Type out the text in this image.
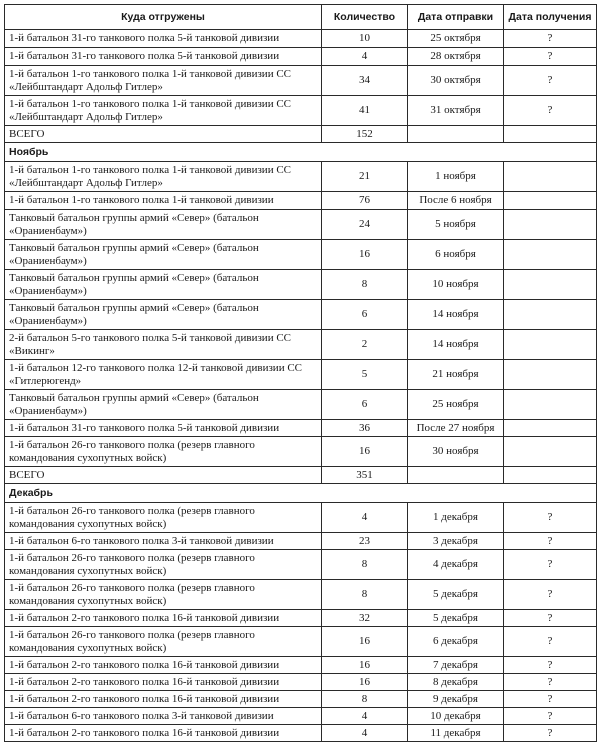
Куда отгружены	Количество	Дата отправки	Дата получения
1-й батальон 31-го танкового полка 5-й танковой дивизии	10	25 октября	?
1-й батальон 31-го танкового полка 5-й танковой дивизии	4	28 октября	?
1-й батальон 1-го танкового полка 1-й танковой дивизии СС «Лейбштандарт Адольф Гитлер»	34	30 октября	?
1-й батальон 1-го танкового полка 1-й танковой дивизии СС «Лейбштандарт Адольф Гитлер»	41	31 октября	?
ВСЕГО	152		
Ноябрь			
1-й батальон 1-го танкового полка 1-й танковой дивизии СС «Лейбштандарт Адольф Гитлер»	21	1 ноября	
1-й батальон 1-го танкового полка 1-й танковой дивизии	76	После 6 ноября	
Танковый батальон группы армий «Север» (батальон «Ораниенбаум»)	24	5 ноября	
Танковый батальон группы армий «Север» (батальон «Ораниенбаум»)	16	6 ноября	
Танковый батальон группы армий «Север» (батальон «Ораниенбаум»)	8	10 ноября	
Танковый батальон группы армий «Север» (батальон «Ораниенбаум»)	6	14 ноября	
2-й батальон 5-го танкового полка 5-й танковой дивизии СС «Викинг»	2	14 ноября	
1-й батальон 12-го танкового полка 12-й танковой дивизии СС «Гитлерюгенд»	5	21 ноября	
Танковый батальон группы армий «Север» (батальон «Ораниенбаум»)	6	25 ноября	
1-й батальон 31-го танкового полка 5-й танковой дивизии	36	После 27 ноября	
1-й батальон 26-го танкового полка (резерв главного командования сухопутных войск)	16	30 ноября	
ВСЕГО	351		
Декабрь			
1-й батальон 26-го танкового полка (резерв главного командования сухопутных войск)	4	1 декабря	?
1-й батальон 6-го танкового полка 3-й танковой дивизии	23	3 декабря	?
1-й батальон 26-го танкового полка (резерв главного командования сухопутных войск)	8	4 декабря	?
1-й батальон 26-го танкового полка (резерв главного командования сухопутных войск)	8	5 декабря	?
1-й батальон 2-го танкового полка 16-й танковой дивизии	32	5 декабря	?
1-й батальон 26-го танкового полка (резерв главного командования сухопутных войск)	16	6 декабря	?
1-й батальон 2-го танкового полка 16-й танковой дивизии	16	7 декабря	?
1-й батальон 2-го танкового полка 16-й танковой дивизии	16	8 декабря	?
1-й батальон 2-го танкового полка 16-й танковой дивизии	8	9 декабря	?
1-й батальон 6-го танкового полка 3-й танковой дивизии	4	10 декабря	?
1-й батальон 2-го танкового полка 16-й танковой дивизии	4	11 декабря	?
